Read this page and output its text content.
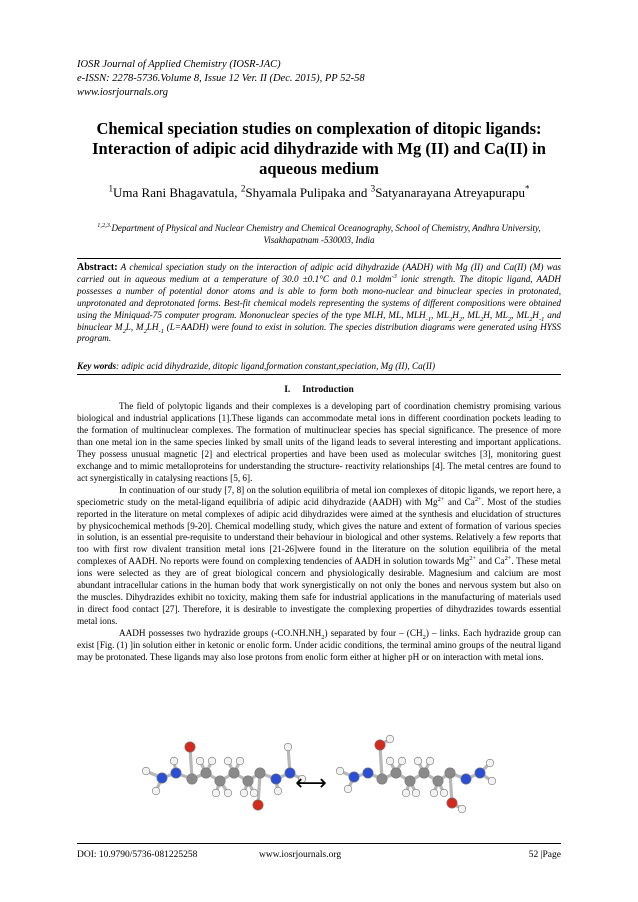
IOSR Journal of Applied Chemistry (IOSR-JAC)
e-ISSN: 2278-5736.Volume 8, Issue 12 Ver. II (Dec. 2015), PP 52-58
www.iosrjournals.org
Chemical speciation studies on complexation of ditopic ligands: Interaction of adipic acid dihydrazide with Mg (II) and Ca(II) in aqueous medium
$^1$Uma Rani Bhagavatula, $^2$Shyamala Pulipaka and $^3$Satyanarayana Atreyapurapu*
$^{1,2,3.}$Department of Physical and Nuclear Chemistry and Chemical Oceanography, School of Chemistry, Andhra University, Visakhapatnam -530003, India
Abstract: A chemical speciation study on the interaction of adipic acid dihydrazide (AADH) with Mg (II) and Ca(II) (M) was carried out in aqueous medium at a temperature of 30.0 ±0.1°C and 0.1 moldm$^{-3}$ ionic strength. The ditopic ligand, AADH possesses a number of potential donor atoms and is able to form both mono-nuclear and binuclear species in protonated, unprotonated and deprotonated forms. Best-fit chemical models representing the systems of different compositions were obtained using the Miniquad-75 computer program. Mononuclear species of the type MLH, ML, $MLH_{-1}$, $ML_2H_2$, $ML_2H$, $ML_2$, $ML_2H_{-1}$ and binuclear $M_2L$, $M_2LH_{-1}$ (L=AADH) were found to exist in solution. The species distribution diagrams were generated using HYSS program.
Key words: adipic acid dihydrazide, ditopic ligand,formation constant,speciation, Mg (II), Ca(II)
I. Introduction

The field of polytopic ligands and their complexes is a developing part of coordination chemistry promising various biological and industrial applications [1].These ligands can accommodate metal ions in different coordination pockets leading to the formation of multinuclear complexes. The formation of multinuclear species has special significance. The presence of more than one metal ion in the same species linked by small units of the ligand leads to several interesting and important applications. They possess unusual magnetic [2] and electrical properties and have been used as molecular switches [3], monitoring guest exchange and to mimic metalloproteins for understanding the structure- reactivity relationships [4]. The metal centres are found to act synergistically in catalysing reactions [5, 6].

In continuation of our study [7, 8] on the solution equilibria of metal ion complexes of ditopic ligands, we report here, a speciometric study on the metal-ligand equilibria of adipic acid dihydrazide (AADH) with $Mg^{2+}$ and $Ca^{2+}$. Most of the studies reported in the literature on metal complexes of adipic acid dihydrazides were aimed at the synthesis and elucidation of structures by physicochemical methods [9-20]. Chemical modelling study, which gives the nature and extent of formation of various species in solution, is an essential pre-requisite to understand their behaviour in biological and other systems. Relatively a few reports that too with first row divalent transition metal ions [21-26]were found in the literature on the solution equilibria of the metal complexes of AADH. No reports were found on complexing tendencies of AADH in solution towards $Mg^{2+}$ and $Ca^{2+}$. These metal ions were selected as they are of great biological concern and physiologically desirable. Magnesium and calcium are most abundant intracellular cations in the human body that work synergistically on not only the bones and nervous system but also on the muscles. Dihydrazides exhibit no toxicity, making them safe for industrial applications in the manufacturing of materials used in direct food contact [27]. Therefore, it is desirable to investigate the complexing properties of dihydrazides towards essential metal ions.

AADH possesses two hydrazide groups $(-CO.NH.NH_2)$ separated by four – $(CH_2)$ – links. Each hydrazide group can exist [Fig. (1) ]in solution either in ketonic or enolic form. Under acidic conditions, the terminal amino groups of the neutral ligand may be protonated. These ligands may also lose protons from enolic form either at higher pH or on interaction with metal ions.

⟷
DOI: 10.9790/5736-081225258	www.iosrjournals.org	52 |Page
